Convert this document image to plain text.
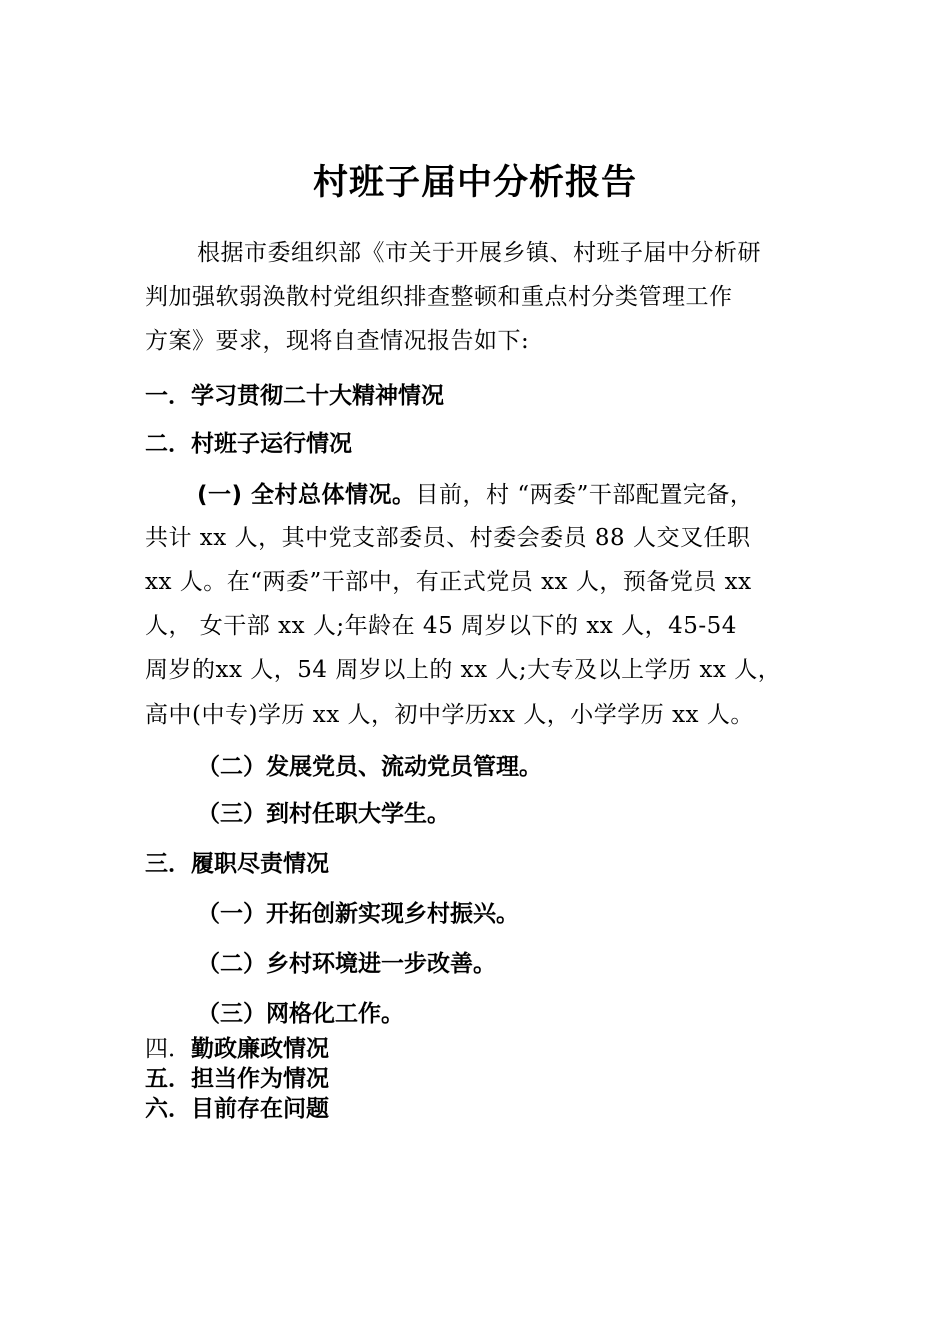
村班子届中分析报告
根据市委组织部《市关于开展乡镇、村班子届中分析研
判加强软弱涣散村党组织排查整顿和重点村分类管理工作
方案》要求，现将自查情况报告如下:
一．学习贯彻二十大精神情况
二．村班子运行情况
(一) 全村总体情况。目前，村 “两委”干部配置完备，
共计 xx 人，其中党支部委员、村委会委员 88 人交叉任职
xx 人。在“两委”干部中，有正式党员 xx 人，预备党员 xx
人， 女干部 xx 人;年龄在 45 周岁以下的 xx 人，45-54
周岁的xx 人，54 周岁以上的 xx 人;大专及以上学历 xx 人，
高中(中专)学历 xx 人，初中学历xx 人，小学学历 xx 人。
（二）发展党员、流动党员管理。
（三）到村任职大学生。
三．履职尽责情况
（一）开拓创新实现乡村振兴。
（二）乡村环境进一步改善。
（三）网格化工作。
四．勤政廉政情况
五．担当作为情况
六．目前存在问题
